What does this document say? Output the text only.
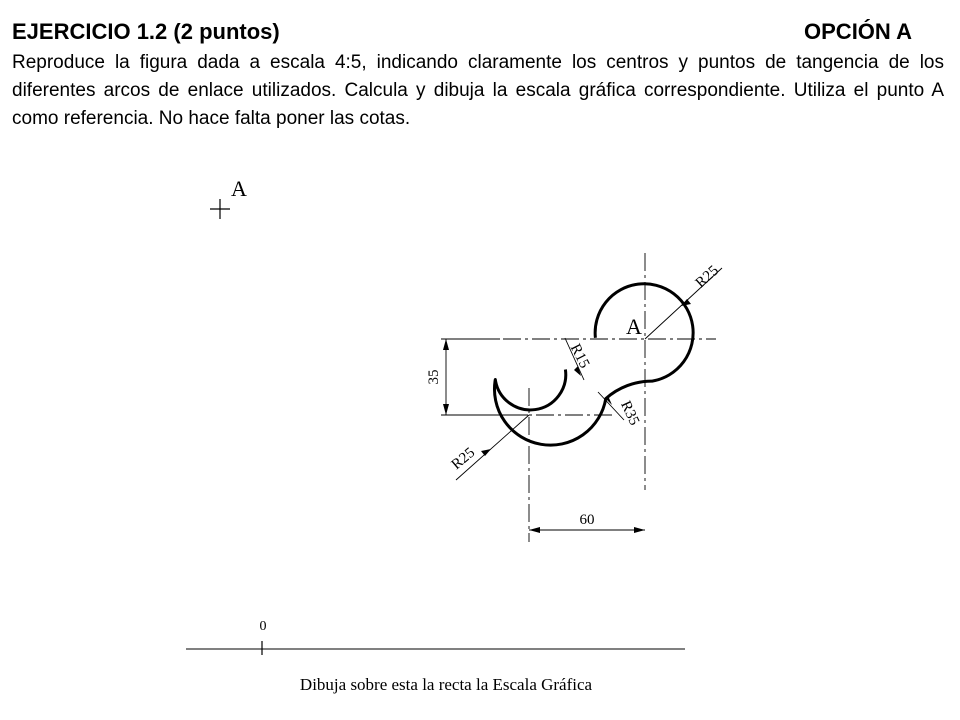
EJERCICIO 1.2 (2 puntos)	OPCIÓN A
Reproduce la figura dada a escala 4:5, indicando claramente los centros y puntos de tangencia de los diferentes arcos de enlace utilizados. Calcula y dibuja la escala gráfica correspondiente. Utiliza el punto A como referencia. No hace falta poner las cotas.
A
35
60
R25
R15
R35
R25
A
0
Dibuja sobre esta la recta la Escala Gráfica
